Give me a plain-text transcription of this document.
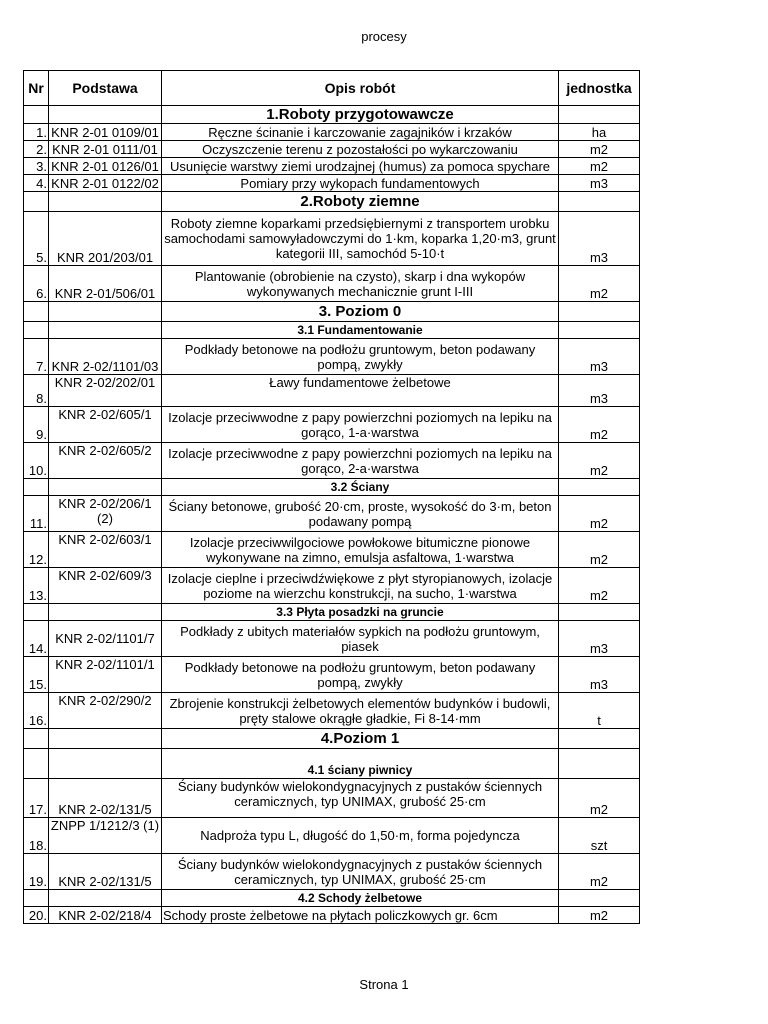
procesy
Nr	Podstawa	Opis robót	jednostka
		1.Roboty przygotowawcze	
1.	KNR 2-01 0109/01	Ręczne ścinanie i karczowanie zagajników i krzaków	ha
2.	KNR 2-01 0111/01	Oczyszczenie terenu z pozostałości po wykarczowaniu	m2
3.	KNR 2-01 0126/01	Usunięcie warstwy ziemi urodzajnej (humus) za pomoca spychare	m2
4.	KNR 2-01 0122/02	Pomiary przy wykopach fundamentowych	m3
		2.Roboty ziemne	
5.	KNR 201/203/01	Roboty ziemne koparkami przedsiębiernymi z transportem urobku samochodami samowyładowczymi do 1·km, koparka 1,20·m3, grunt kategorii III, samochód 5-10·t	m3
6.	KNR 2-01/506/01	Plantowanie (obrobienie na czysto), skarp i dna wykopów wykonywanych mechanicznie grunt I-III	m2
		3. Poziom 0	
		3.1 Fundamentowanie	
7.	KNR 2-02/1101/03	Podkłady betonowe na podłożu gruntowym, beton podawany pompą, zwykły	m3
8.	KNR 2-02/202/01	Ławy fundamentowe żelbetowe	m3
9.	KNR 2-02/605/1	Izolacje przeciwwodne z papy powierzchni poziomych na lepiku na gorąco, 1-a·warstwa	m2
10.	KNR 2-02/605/2	Izolacje przeciwwodne z papy powierzchni poziomych na lepiku na gorąco, 2-a·warstwa	m2
		3.2 Ściany	
11.	KNR 2-02/206/1 (2)	Ściany betonowe, grubość 20·cm, proste, wysokość do 3·m, beton podawany pompą	m2
12.	KNR 2-02/603/1	Izolacje przeciwwilgociowe powłokowe bitumiczne pionowe wykonywane na zimno, emulsja asfaltowa, 1·warstwa	m2
13.	KNR 2-02/609/3	Izolacje cieplne i przeciwdźwiękowe z płyt styropianowych, izolacje poziome na wierzchu konstrukcji, na sucho, 1·warstwa	m2
		3.3 Płyta posadzki na gruncie	
14.	KNR 2-02/1101/7	Podkłady z ubitych materiałów sypkich na podłożu gruntowym, piasek	m3
15.	KNR 2-02/1101/1	Podkłady betonowe na podłożu gruntowym, beton podawany pompą, zwykły	m3
16.	KNR 2-02/290/2	Zbrojenie konstrukcji żelbetowych elementów budynków i budowli, pręty stalowe okrągłe gładkie, Fi 8-14·mm	t
		4.Poziom 1	
		4.1 ściany piwnicy	
17.	KNR 2-02/131/5	Ściany budynków wielokondygnacyjnych z pustaków ściennych ceramicznych, typ UNIMAX, grubość 25·cm	m2
18.	ZNPP 1/1212/3 (1)	Nadproża typu L, długość do 1,50·m, forma pojedyncza	szt
19.	KNR 2-02/131/5	Ściany budynków wielokondygnacyjnych z pustaków ściennych ceramicznych, typ UNIMAX, grubość 25·cm	m2
		4.2 Schody żelbetowe	
20.	KNR 2-02/218/4	Schody proste żelbetowe na płytach policzkowych gr. 6cm	m2
Strona 1
